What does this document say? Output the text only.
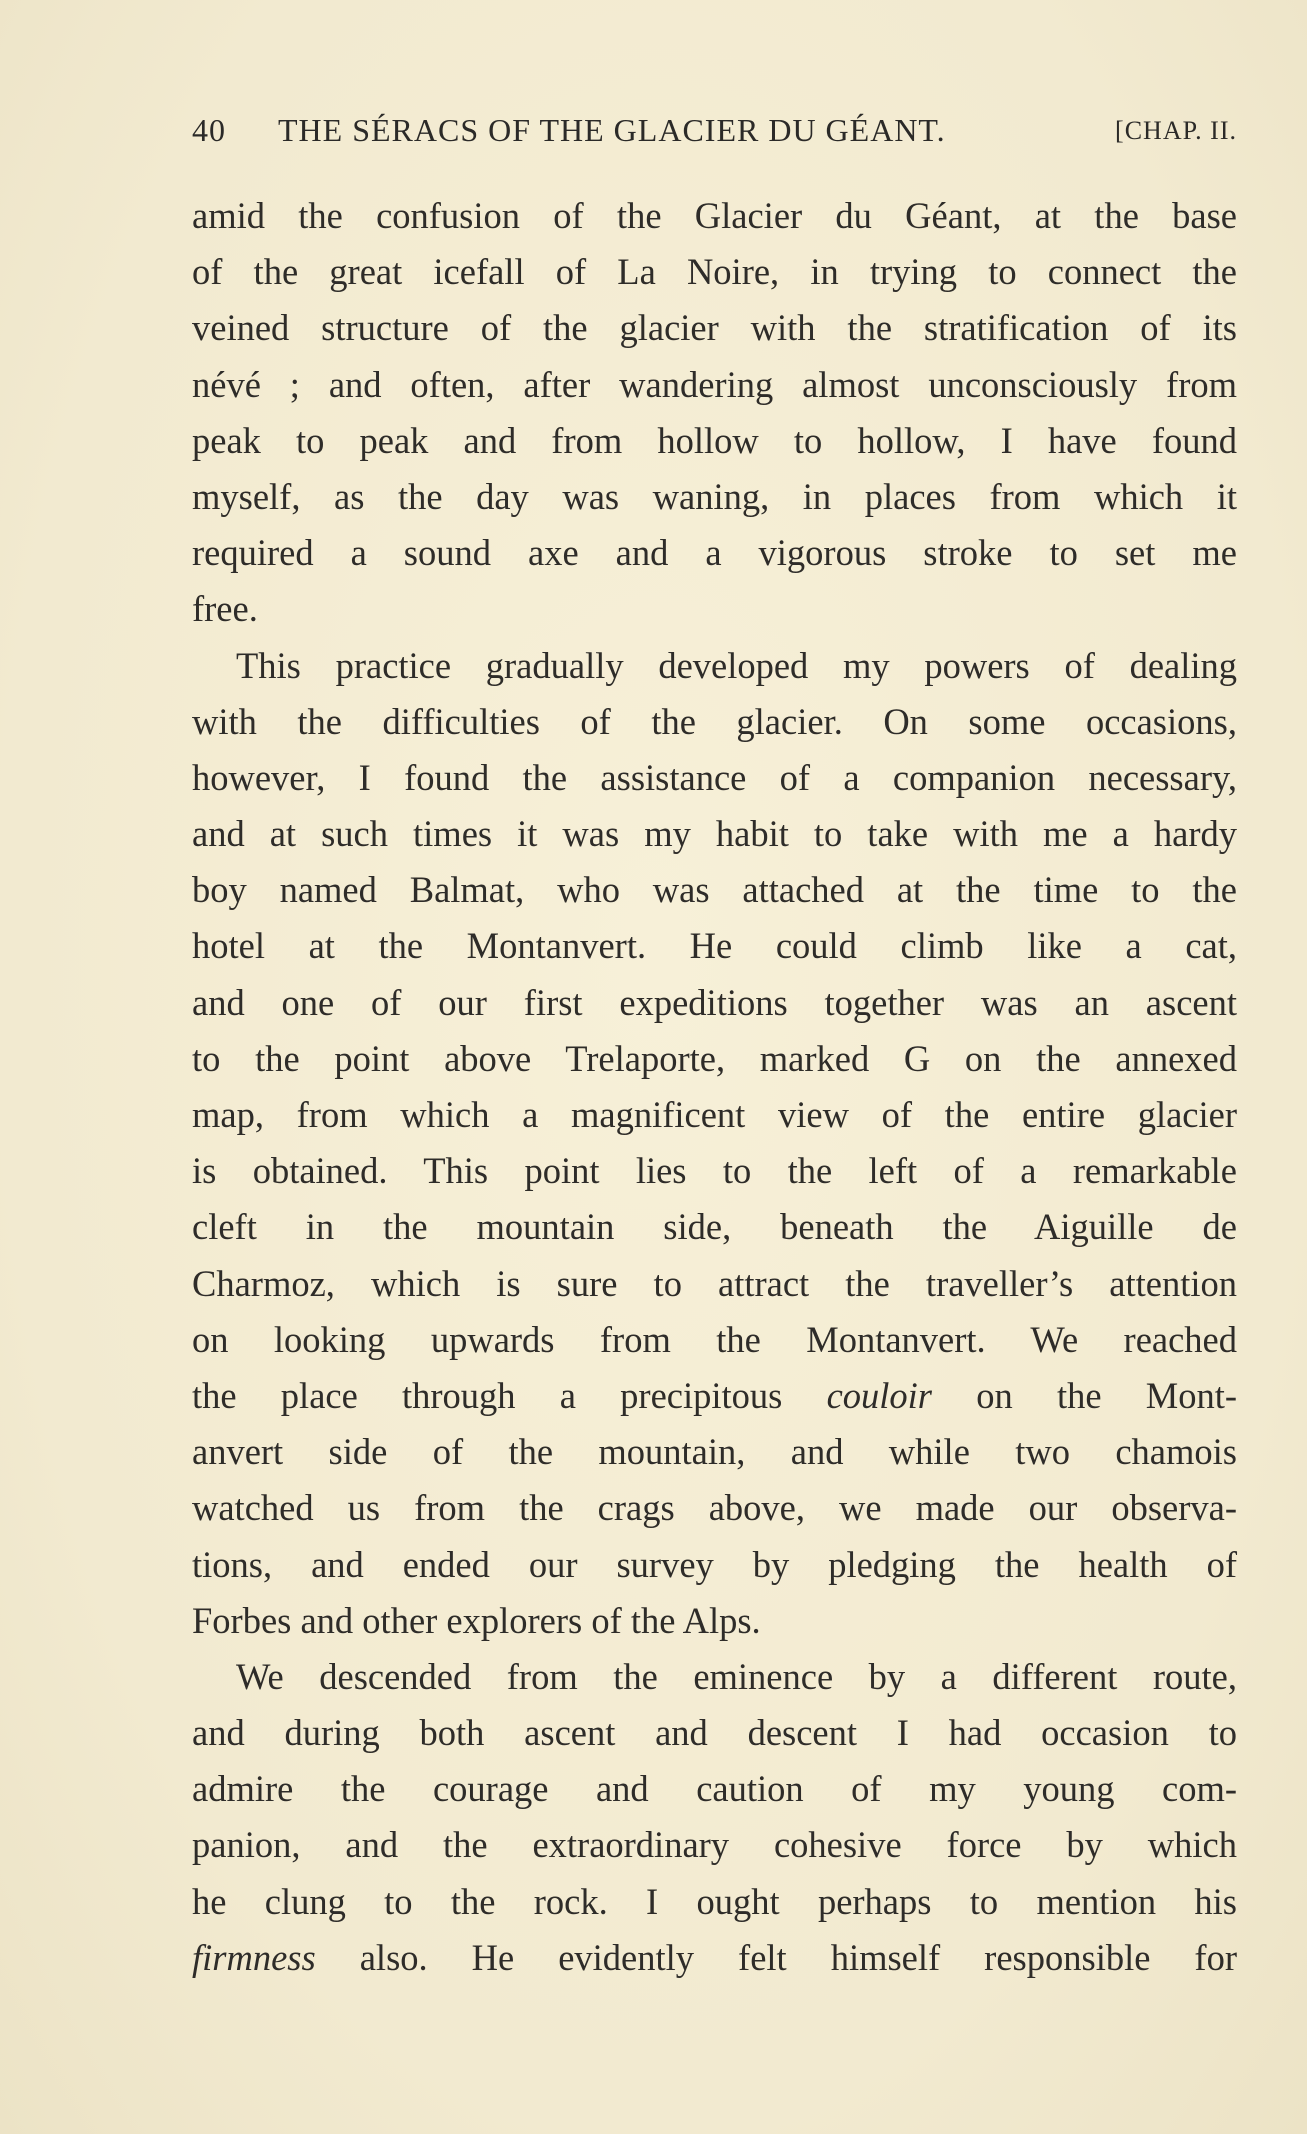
40 THE SÉRACS OF THE GLACIER DU GÉANT.	[CHAP. II.
amid the confusion of the Glacier du Géant, at the base
of the great icefall of La Noire, in trying to connect the
veined structure of the glacier with the stratification of its
névé ; and often, after wandering almost unconsciously from
peak to peak and from hollow to hollow, I have found
myself, as the day was waning, in places from which it
required a sound axe and a vigorous stroke to set me
free.
This practice gradually developed my powers of dealing
with the difficulties of the glacier. On some occasions,
however, I found the assistance of a companion necessary,
and at such times it was my habit to take with me a hardy
boy named Balmat, who was attached at the time to the
hotel at the Montanvert. He could climb like a cat,
and one of our first expeditions together was an ascent
to the point above Trelaporte, marked G on the annexed
map, from which a magnificent view of the entire glacier
is obtained. This point lies to the left of a remarkable
cleft in the mountain side, beneath the Aiguille de
Charmoz, which is sure to attract the traveller’s attention
on looking upwards from the Montanvert. We reached
the place through a precipitous couloir on the Mont-
anvert side of the mountain, and while two chamois
watched us from the crags above, we made our observa-
tions, and ended our survey by pledging the health of
Forbes and other explorers of the Alps.
We descended from the eminence by a different route,
and during both ascent and descent I had occasion to
admire the courage and caution of my young com-
panion, and the extraordinary cohesive force by which
he clung to the rock. I ought perhaps to mention his
firmness also. He evidently felt himself responsible for
